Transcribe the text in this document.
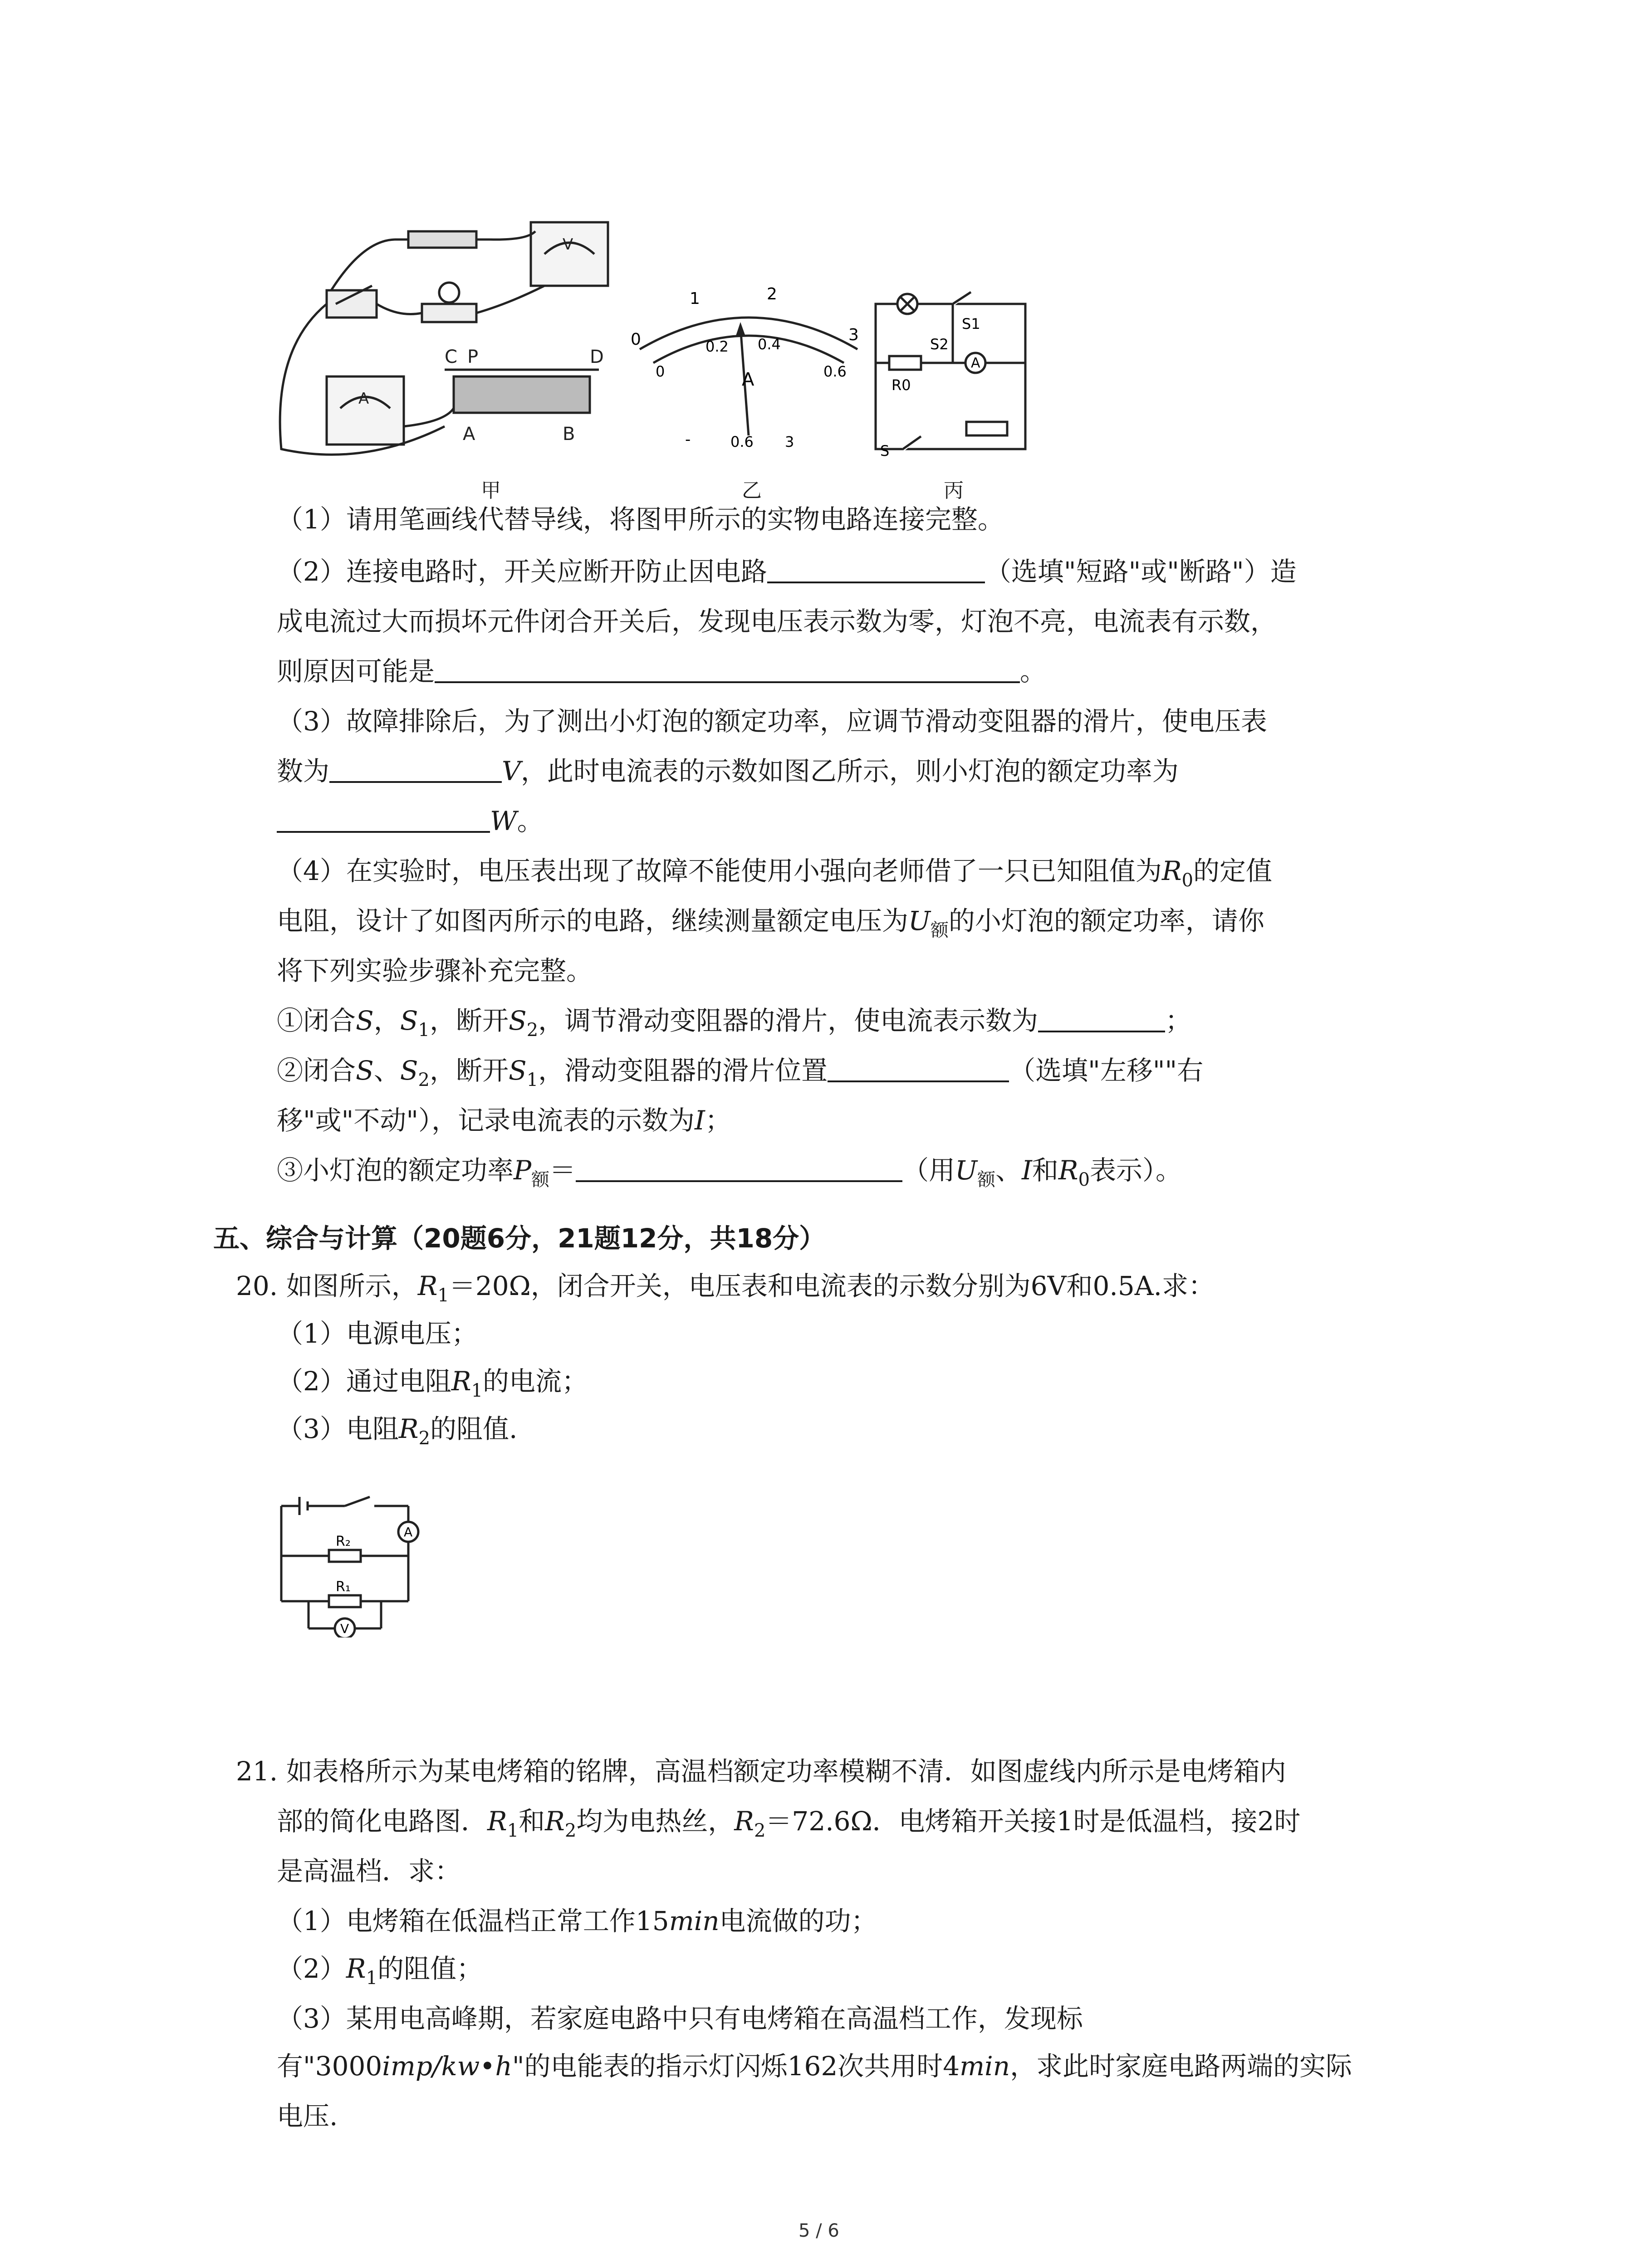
C P	D
A	B
V
A
甲
0
1	2
3
0
0.2 0.4
0.6
A
-	0.6 3
乙
S1
S2
A
R0
S
丙
（1）请用笔画线代替导线，将图甲所示的实物电路连接完整。
（2）连接电路时，开关应断开防止因电路	（选填"短路"或"断路"）造
成电流过大而损坏元件闭合开关后，发现电压表示数为零，灯泡不亮，电流表有示数，
则原因可能是	。
（3）故障排除后，为了测出小灯泡的额定功率，应调节滑动变阻器的滑片，使电压表
数为	V，此时电流表的示数如图乙所示，则小灯泡的额定功率为
W。
（4）在实验时，电压表出现了故障不能使用小强向老师借了一只已知阻值为$R_0$的定值
电阻，设计了如图丙所示的电路，继续测量额定电压为$U_额$的小灯泡的额定功率，请你
将下列实验步骤补充完整。
①闭合S，$S_1$，断开$S_2$，调节滑动变阻器的滑片，使电流表示数为	；
②闭合S、$S_2$，断开$S_1$，滑动变阻器的滑片位置	（选填"左移""右
移"或"不动"），记录电流表的示数为I；
③小灯泡的额定功率$P_额=$	（用$U_额$、I和$R_0$表示）。
五、综合与计算（20题6分，21题12分，共18分）
20. 如图所示，$R_1=20\Omega$，闭合开关，电压表和电流表的示数分别为6V和0.5A.求：
（1）电源电压；
（2）通过电阻$R_1$的电流；
（3）电阻$R_2$的阻值.
R₂
R₁
A
V
21. 如表格所示为某电烤箱的铭牌，高温档额定功率模糊不清．如图虚线内所示是电烤箱内
部的简化电路图．$R_1$和$R_2$均为电热丝，$R_2=72.6\Omega$．电烤箱开关接1时是低温档，接2时
是高温档．求：
（1）电烤箱在低温档正常工作15min电流做的功；
$(2)R_1$的阻值；
（3）某用电高峰期，若家庭电路中只有电烤箱在高温档工作，发现标
有"3000imp/kw•h"的电能表的指示灯闪烁162次共用时4min，求此时家庭电路两端的实际
电压.
5 / 6
